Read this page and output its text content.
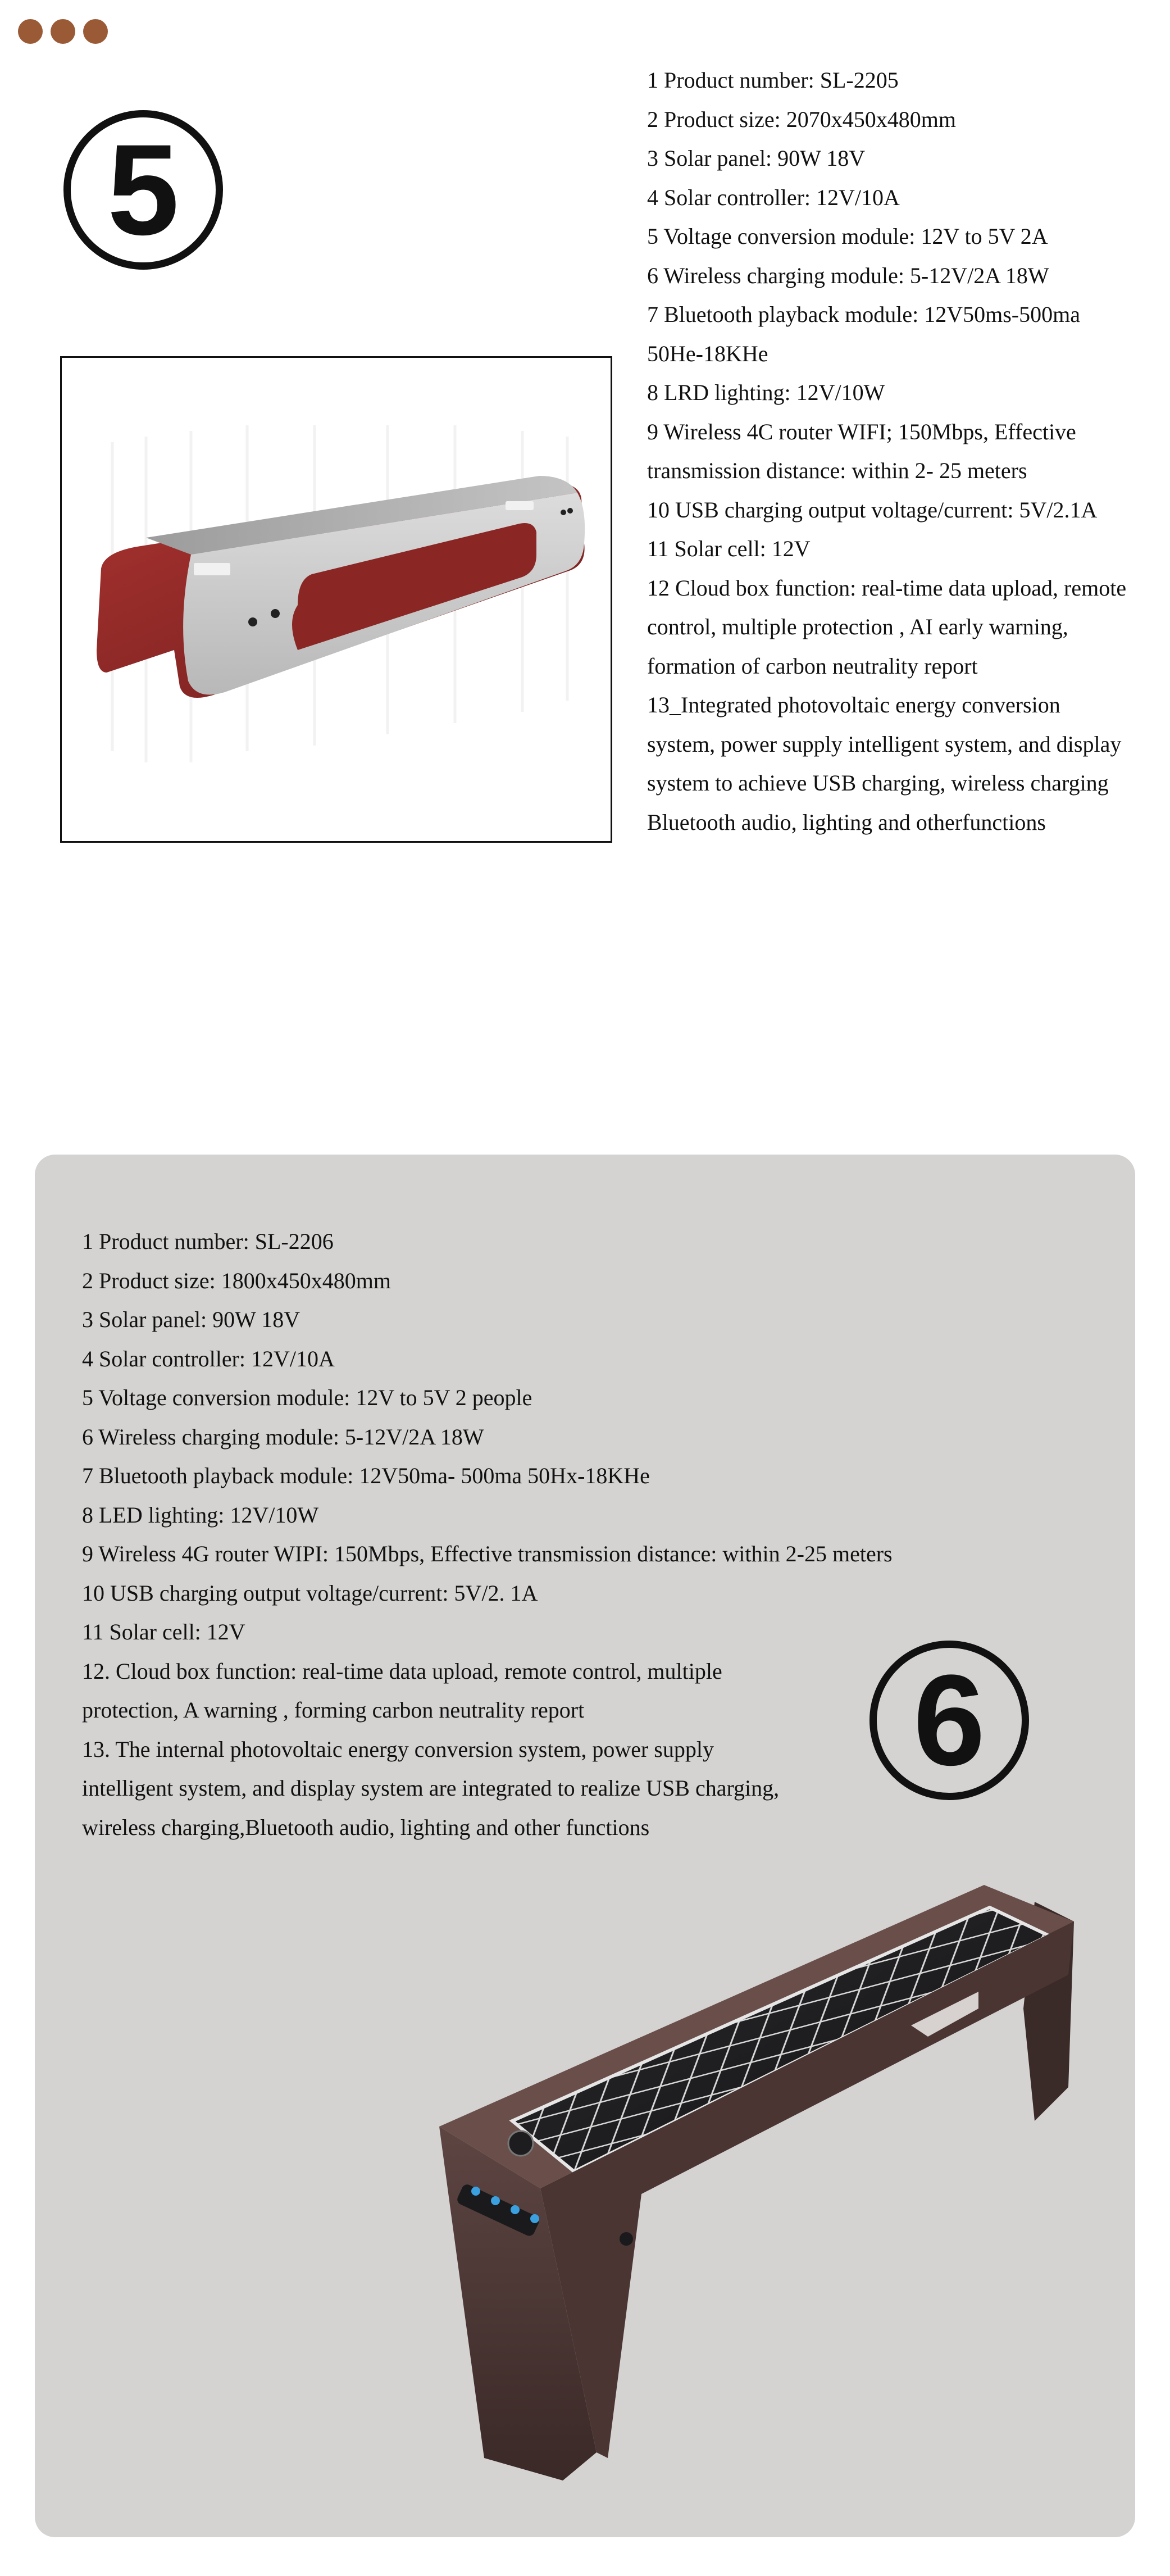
5
1 Product number: SL-2205
2 Product size: 2070x450x480mm
3 Solar panel: 90W 18V
4 Solar controller: 12V/10A
5 Voltage conversion module: 12V to 5V 2A
6 Wireless charging module: 5-12V/2A 18W
7 Bluetooth playback module: 12V50ms-500ma 50He-18KHe
8 LRD lighting: 12V/10W
9 Wireless 4C router WIFI; 150Mbps, Effective transmission distance: within 2- 25 meters
10 USB charging output voltage/current: 5V/2.1A
11 Solar cell: 12V
12 Cloud box function: real-time data upload, remote control, multiple protection , AI early warning, formation of carbon neutrality report
13_Integrated photovoltaic energy conversion system, power supply intelligent system, and display system to achieve USB charging, wireless charging Bluetooth audio, lighting and otherfunctions
1 Product number: SL-2206
2 Product size: 1800x450x480mm
3 Solar panel: 90W 18V
4 Solar controller: 12V/10A
5 Voltage conversion module: 12V to 5V 2 people
6 Wireless charging module: 5-12V/2A 18W
7 Bluetooth playback module: 12V50ma- 500ma 50Hx-18KHe
8 LED lighting: 12V/10W
9 Wireless 4G router WIPI: 150Mbps, Effective transmission distance: within 2-25 meters
10 USB charging output voltage/current: 5V/2. 1A
11 Solar cell: 12V
12. Cloud box function: real-time data upload, remote control, multiple protection, A warning , forming carbon neutrality report
13. The internal photovoltaic energy conversion system, power supply intelligent system, and display system are integrated to realize USB charging, wireless charging,Bluetooth audio, lighting and other functions
6
